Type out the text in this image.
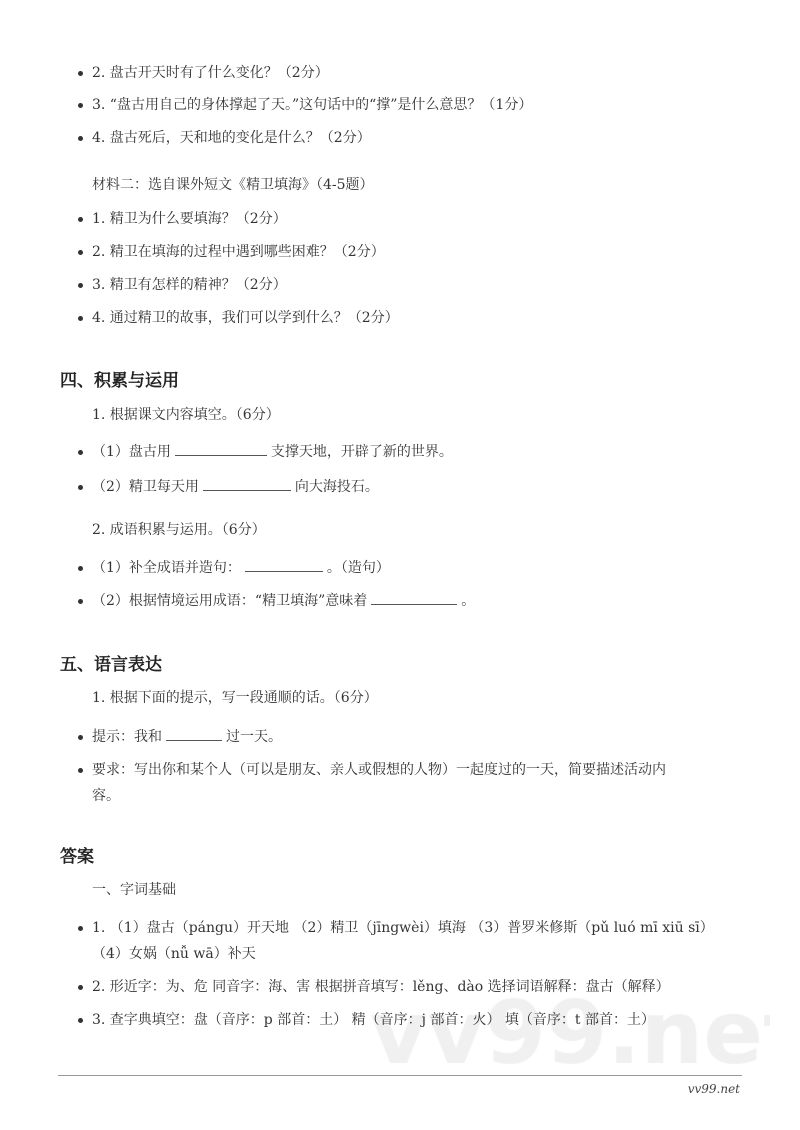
2. 盘古开天时有了什么变化？（2分）
3. “盘古用自己的身体撑起了天。”这句话中的“撑”是什么意思？（1分）
4. 盘古死后，天和地的变化是什么？（2分）
材料二：选自课外短文《精卫填海》（4-5题）
1. 精卫为什么要填海？（2分）
2. 精卫在填海的过程中遇到哪些困难？（2分）
3. 精卫有怎样的精神？（2分）
4. 通过精卫的故事，我们可以学到什么？（2分）
四、积累与运用
1. 根据课文内容填空。（6分）
（1）盘古用	支撑天地，开辟了新的世界。
（2）精卫每天用	向大海投石。
2. 成语积累与运用。（6分）
（1）补全成语并造句：	。（造句）
（2）根据情境运用成语：“精卫填海”意味着	。
五、语言表达
1. 根据下面的提示，写一段通顺的话。（6分）
提示：我和	过一天。
要求：写出你和某个人（可以是朋友、亲人或假想的人物）一起度过的一天，简要描述活动内容。
答案
一、字词基础
1. （1）盘古（pángu）开天地 （2）精卫（jīngwèi）填海 （3）普罗米修斯（pǔ luó mī xiū sī） （4）女娲（nǚ wā）补天
2. 形近字：为、危 同音字：海、害 根据拼音填写：lěng、dào 选择词语解释：盘古（解释）
3. 查字典填空：盘（音序：p 部首：土） 精（音序：j 部首：火） 填（音序：t 部首：土）
vv99.net
